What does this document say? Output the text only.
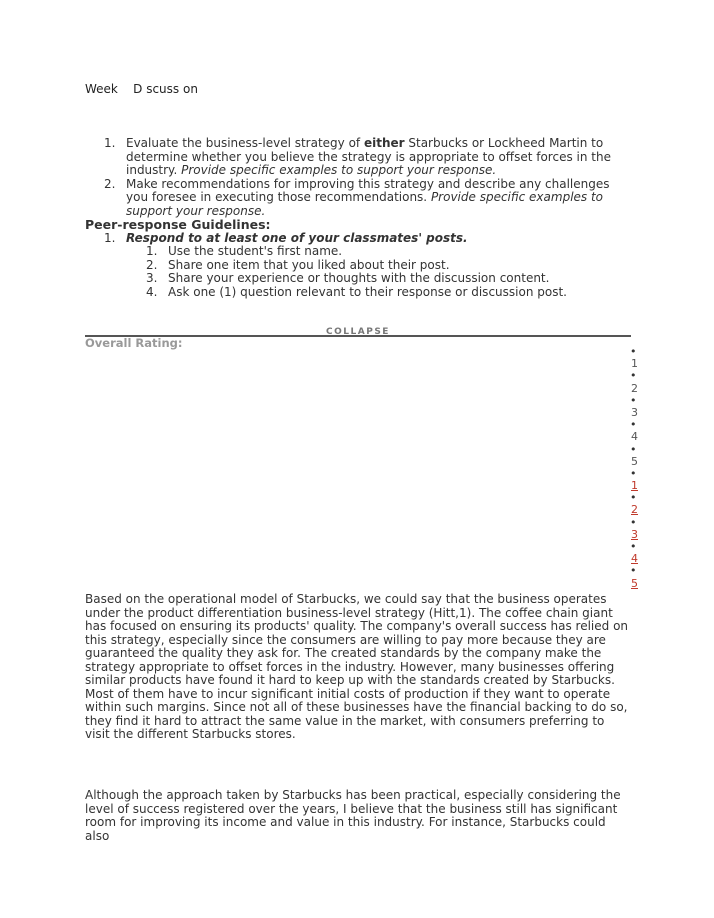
Week D scuss on

1. Evaluate the business-level strategy of either Starbucks or Lockheed Martin to determine whether you believe the strategy is appropriate to offset forces in the industry. Provide speciﬁc examples to support your response.

2. Make recommendations for improving this strategy and describe any challenges you foresee in executing those recommendations. Provide speciﬁc examples to support your response.

Peer-response Guidelines:

1. Respond to at least one of your classmates' posts.

1. Use the student's first name.

2. Share one item that you liked about their post.

3. Share your experience or thoughts with the discussion content.

4. Ask one (1) question relevant to their response or discussion post.

COLLAPSE
Overall Rating:
•
1
•
2
•
3
•
4
•
5
•
1
•
2
•
3
•
4
•
5

Based on the operational model of Starbucks, we could say that the business operates under the product differentiation business-level strategy (Hitt,1). The coffee chain giant has focused on ensuring its products' quality. The company's overall success has relied on this strategy, especially since the consumers are willing to pay more because they are guaranteed the quality they ask for. The created standards by the company make the strategy appropriate to offset forces in the industry. However, many businesses offering similar products have found it hard to keep up with the standards created by Starbucks. Most of them have to incur significant initial costs of production if they want to operate within such margins. Since not all of these businesses have the financial backing to do so, they find it hard to attract the same value in the market, with consumers preferring to visit the different Starbucks stores.

Although the approach taken by Starbucks has been practical, especially considering the level of success registered over the years, I believe that the business still has significant room for improving its income and value in this industry. For instance, Starbucks could also
